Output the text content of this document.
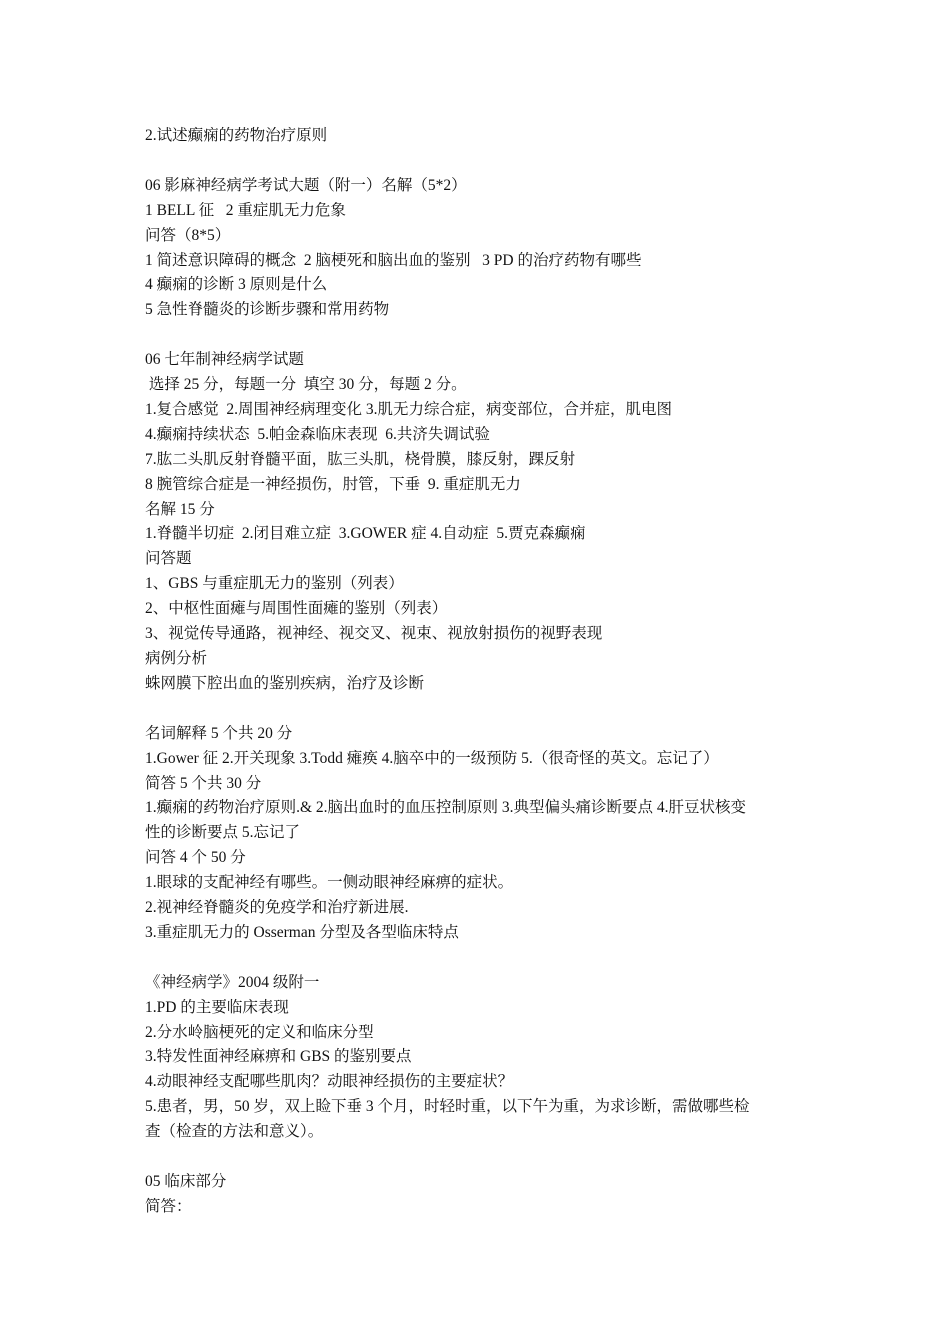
2.试述癫痫的药物治疗原则
06 影麻神经病学考试大题（附一）名解（5*2）
1 BELL 征   2 重症肌无力危象
问答（8*5）
1 简述意识障碍的概念  2 脑梗死和脑出血的鉴别   3 PD 的治疗药物有哪些
4 癫痫的诊断 3 原则是什么
5 急性脊髓炎的诊断步骤和常用药物
06 七年制神经病学试题
选择 25 分，每题一分  填空 30 分，每题 2 分。
1.复合感觉  2.周围神经病理变化 3.肌无力综合症，病变部位，合并症，肌电图
4.癫痫持续状态  5.帕金森临床表现  6.共济失调试验
7.肱二头肌反射脊髓平面，肱三头肌，桡骨膜，膝反射，踝反射
8 腕管综合症是一神经损伤，肘管，下垂  9. 重症肌无力
名解 15 分
1.脊髓半切症  2.闭目难立症  3.GOWER 症 4.自动症  5.贾克森癫痫
问答题
1、GBS 与重症肌无力的鉴别（列表）
2、中枢性面瘫与周围性面瘫的鉴别（列表）
3、视觉传导通路，视神经、视交叉、视束、视放射损伤的视野表现
病例分析
蛛网膜下腔出血的鉴别疾病，治疗及诊断
名词解释 5 个共 20 分
1.Gower 征 2.开关现象 3.Todd 瘫痪 4.脑卒中的一级预防 5.（很奇怪的英文。忘记了）
简答 5 个共 30 分
1.癫痫的药物治疗原则.& 2.脑出血时的血压控制原则 3.典型偏头痛诊断要点 4.肝豆状核变
性的诊断要点 5.忘记了
问答 4 个 50 分
1.眼球的支配神经有哪些。一侧动眼神经麻痹的症状。
2.视神经脊髓炎的免疫学和治疗新进展.
3.重症肌无力的 Osserman 分型及各型临床特点
《神经病学》2004 级附一
1.PD 的主要临床表现
2.分水岭脑梗死的定义和临床分型
3.特发性面神经麻痹和 GBS 的鉴别要点
4.动眼神经支配哪些肌肉？动眼神经损伤的主要症状？
5.患者，男，50 岁，双上睑下垂 3 个月，时轻时重，以下午为重，为求诊断，需做哪些检
查（检查的方法和意义）。
05 临床部分
简答：
